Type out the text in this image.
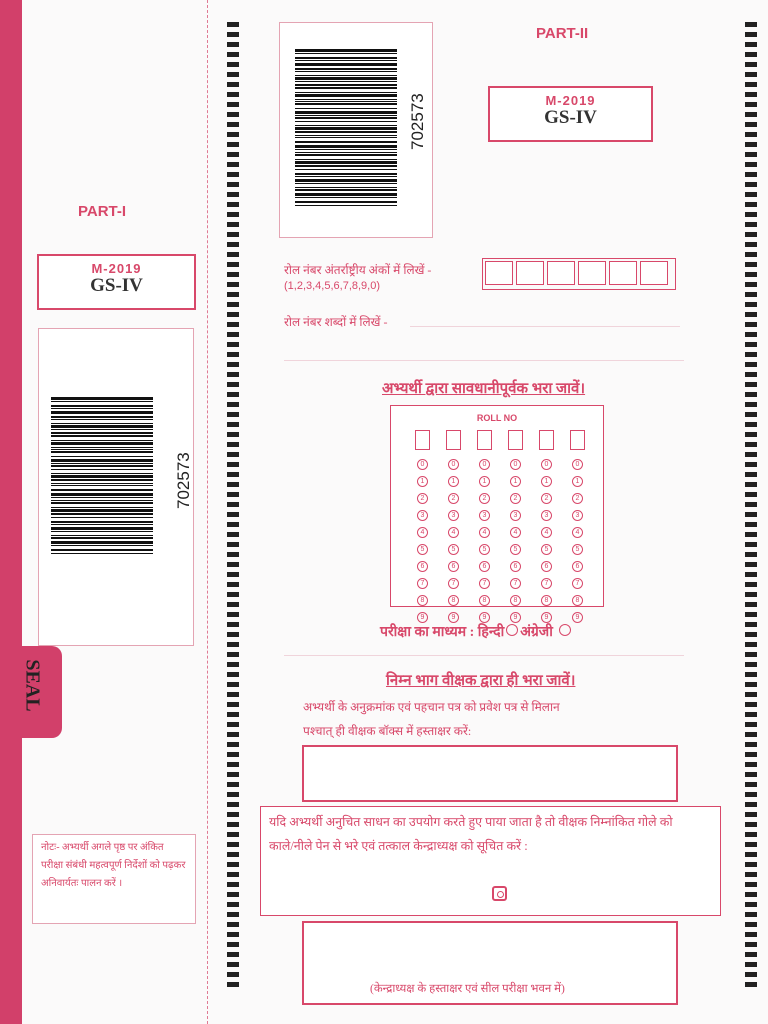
SEAL
PART-I
M-2019
GS-IV
702573
नोटः- अभ्यर्थी अगले पृष्ठ पर अंकित परीक्षा संबंधी महत्वपूर्ण निर्देशों को पढ़कर अनिवार्यतः पालन करें ।
702573
PART-II
M-2019
GS-IV
रोल नंबर अंतर्राष्ट्रीय अंकों में लिखें -
(1,2,3,4,5,6,7,8,9,0)
रोल नंबर शब्दों में लिखें -
अभ्यर्थी द्वारा सावधानीपूर्वक भरा जावें।
ROLL NO
0
1
2
3
4
5
6
7
8
9
0
1
2
3
4
5
6
7
8
9
0
1
2
3
4
5
6
7
8
9
0
1
2
3
4
5
6
7
8
9
0
1
2
3
4
5
6
7
8
9
0
1
2
3
4
5
6
7
8
9
परीक्षा का माध्यम : हिन्दी अंग्रेजी
निम्न भाग वीक्षक द्वारा ही भरा जावें।
अभ्यर्थी के अनुक्रमांक एवं पहचान पत्र को प्रवेश पत्र से मिलान
पश्चात् ही वीक्षक बॉक्स में हस्ताक्षर करें:
यदि अभ्यर्थी अनुचित साधन का उपयोग करते हुए पाया जाता है तो वीक्षक निम्नांकित गोले को
काले/नीले पेन से भरे एवं तत्काल केन्द्राध्यक्ष को सूचित करें :
(केन्द्राध्यक्ष के हस्ताक्षर एवं सील परीक्षा भवन में)
